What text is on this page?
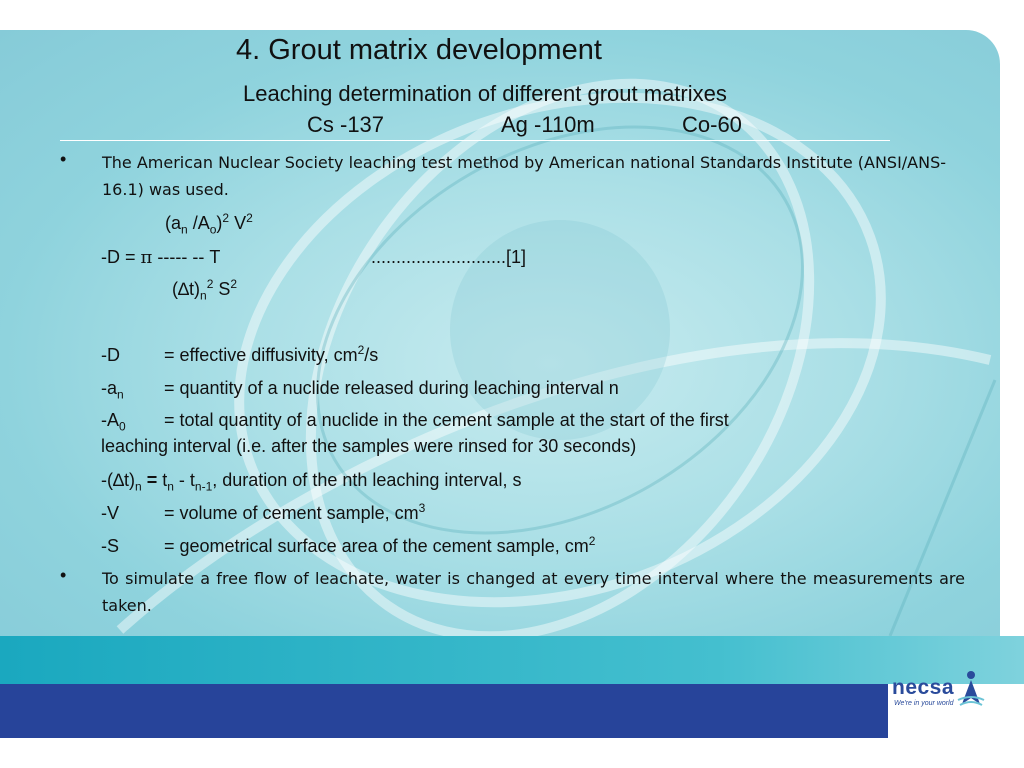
necsa
We're in your world
4. Grout matrix development
Leaching determination of different grout matrixes
Cs -137	Ag -110m	Co-60
• The American Nuclear Society leaching test method by American national Standards Institute (ANSI/ANS-16.1) was used.
($a_n$ $/A_o)^2$ $V^2$
-D = π ----- -- T	...........................[1]
$(\Delta t)_n^2$ $S^2$
-D = effective diffusivity, $cm^2/s$
$-a_n$ = quantity of a nuclide released during leaching interval n
$-A_0$ = total quantity of a nuclide in the cement sample at the start of the first
leaching interval (i.e. after the samples were rinsed for 30 seconds)
$-(\Delta t)_n = t_n - t_{n-1}$, duration of the nth leaching interval, s
-V	= volume of cement sample, $cm^3$
-S	= geometrical surface area of the cement sample, $cm^2$
• To simulate a free flow of leachate, water is changed at every time interval where the measurements are taken.
